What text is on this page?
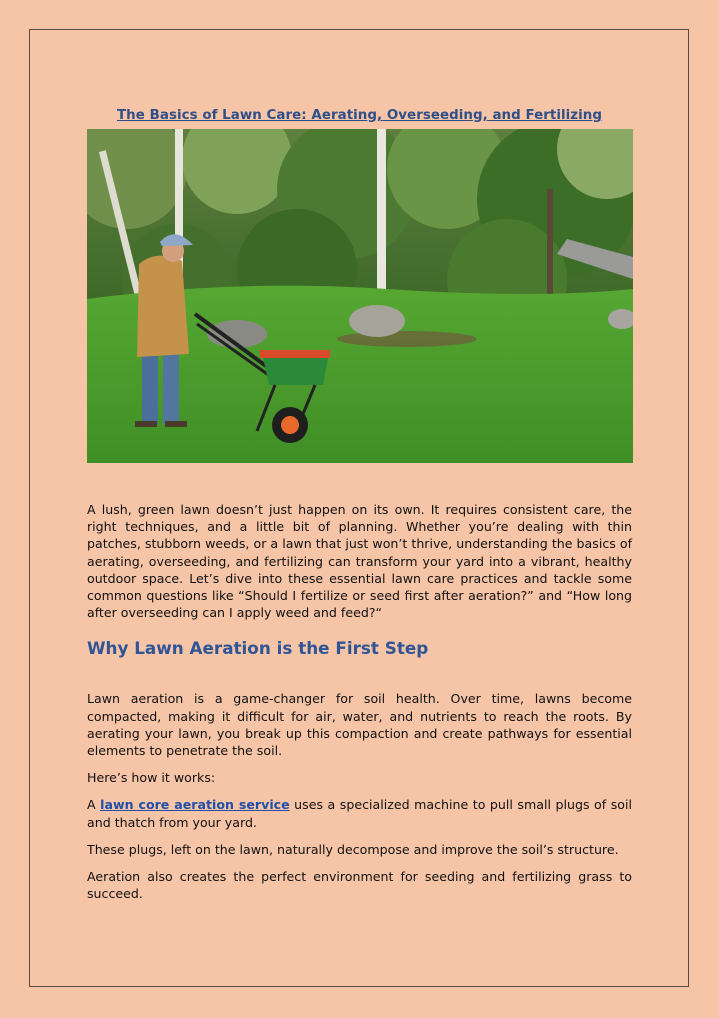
The Basics of Lawn Care: Aerating, Overseeding, and Fertilizing

A lush, green lawn doesn’t just happen on its own. It requires consistent care, the right techniques, and a little bit of planning. Whether you’re dealing with thin patches, stubborn weeds, or a lawn that just won’t thrive, understanding the basics of aerating, overseeding, and fertilizing can transform your yard into a vibrant, healthy outdoor space. Let’s dive into these essential lawn care practices and tackle some common questions like “Should I fertilize or seed first after aeration?” and “How long after overseeding can I apply weed and feed?“

Why Lawn Aeration is the First Step

Lawn aeration is a game-changer for soil health. Over time, lawns become compacted, making it difficult for air, water, and nutrients to reach the roots. By aerating your lawn, you break up this compaction and create pathways for essential elements to penetrate the soil.

Here’s how it works:

A lawn core aeration service uses a specialized machine to pull small plugs of soil and thatch from your yard.

These plugs, left on the lawn, naturally decompose and improve the soil’s structure.

Aeration also creates the perfect environment for seeding and fertilizing grass to succeed.
